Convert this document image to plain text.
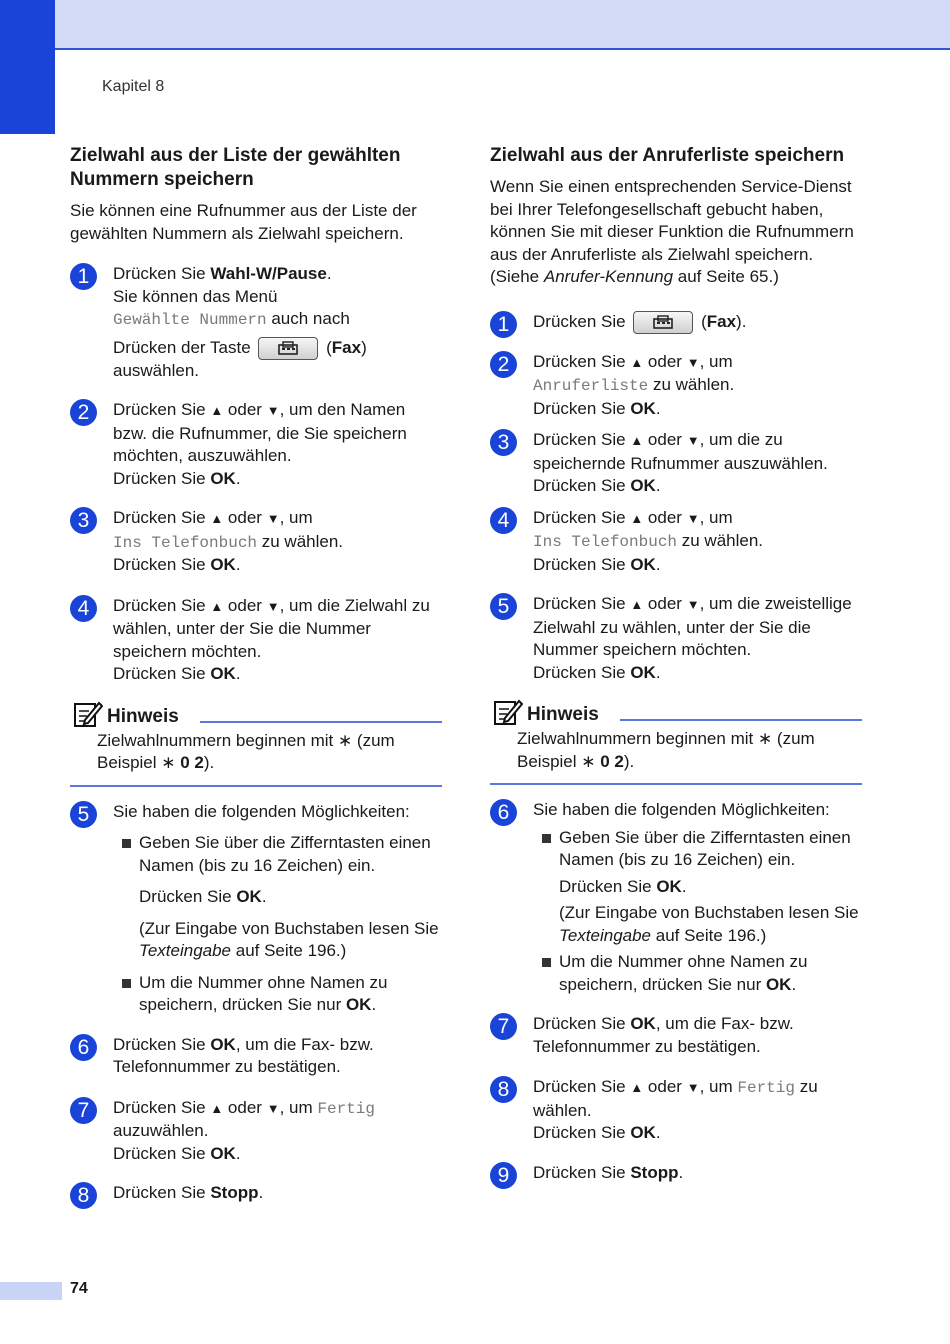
Kapitel 8
Zielwahl aus der Liste der gewählten Nummern speichern

Sie können eine Rufnummer aus der Liste der gewählten Nummern als Zielwahl speichern.

1	Drücken Sie Wahl-W/Pause.
Sie können das Menü
Gewählte Nummern auch nach

Drücken der Taste	(Fax)
auswählen.
2	Drücken Sie ▲ oder ▼, um den Namen bzw. die Rufnummer, die Sie speichern möchten, auszuwählen.
Drücken Sie OK.
3	Drücken Sie ▲ oder ▼, um
Ins Telefonbuch zu wählen.
Drücken Sie OK.
4	Drücken Sie ▲ oder ▼, um die Zielwahl zu wählen, unter der Sie die Nummer speichern möchten.
Drücken Sie OK.
Hinweis
Zielwahlnummern beginnen mit ∗ (zum Beispiel ∗ 0 2).
5	Sie haben die folgenden Möglichkeiten:
Geben Sie über die Zifferntasten einen Namen (bis zu 16 Zeichen) ein.
Drücken Sie OK.
(Zur Eingabe von Buchstaben lesen Sie Texteingabe auf Seite 196.)
Um die Nummer ohne Namen zu speichern, drücken Sie nur OK.
6	Drücken Sie OK, um die Fax- bzw. Telefonnummer zu bestätigen.
7	Drücken Sie ▲ oder ▼, um Fertig
auzuwählen.
Drücken Sie OK.
8	Drücken Sie Stopp.
Zielwahl aus der Anruferliste speichern

Wenn Sie einen entsprechenden Service-Dienst bei Ihrer Telefongesellschaft gebucht haben, können Sie mit dieser Funktion die Rufnummern aus der Anruferliste als Zielwahl speichern. (Siehe Anrufer-Kennung auf Seite 65.)

1	Drücken Sie	(Fax).
2	Drücken Sie ▲ oder ▼, um
Anruferliste zu wählen.
Drücken Sie OK.
3	Drücken Sie ▲ oder ▼, um die zu speichernde Rufnummer auszuwählen.
Drücken Sie OK.
4	Drücken Sie ▲ oder ▼, um
Ins Telefonbuch zu wählen.
Drücken Sie OK.
5	Drücken Sie ▲ oder ▼, um die zweistellige Zielwahl zu wählen, unter der Sie die Nummer speichern möchten.
Drücken Sie OK.
Hinweis
Zielwahlnummern beginnen mit ∗ (zum Beispiel ∗ 0 2).
6	Sie haben die folgenden Möglichkeiten:
Geben Sie über die Zifferntasten einen Namen (bis zu 16 Zeichen) ein.
Drücken Sie OK.
(Zur Eingabe von Buchstaben lesen Sie Texteingabe auf Seite 196.)
Um die Nummer ohne Namen zu speichern, drücken Sie nur OK.
7	Drücken Sie OK, um die Fax- bzw. Telefonnummer zu bestätigen.
8	Drücken Sie ▲ oder ▼, um Fertig zu wählen.
Drücken Sie OK.
9	Drücken Sie Stopp.
74
